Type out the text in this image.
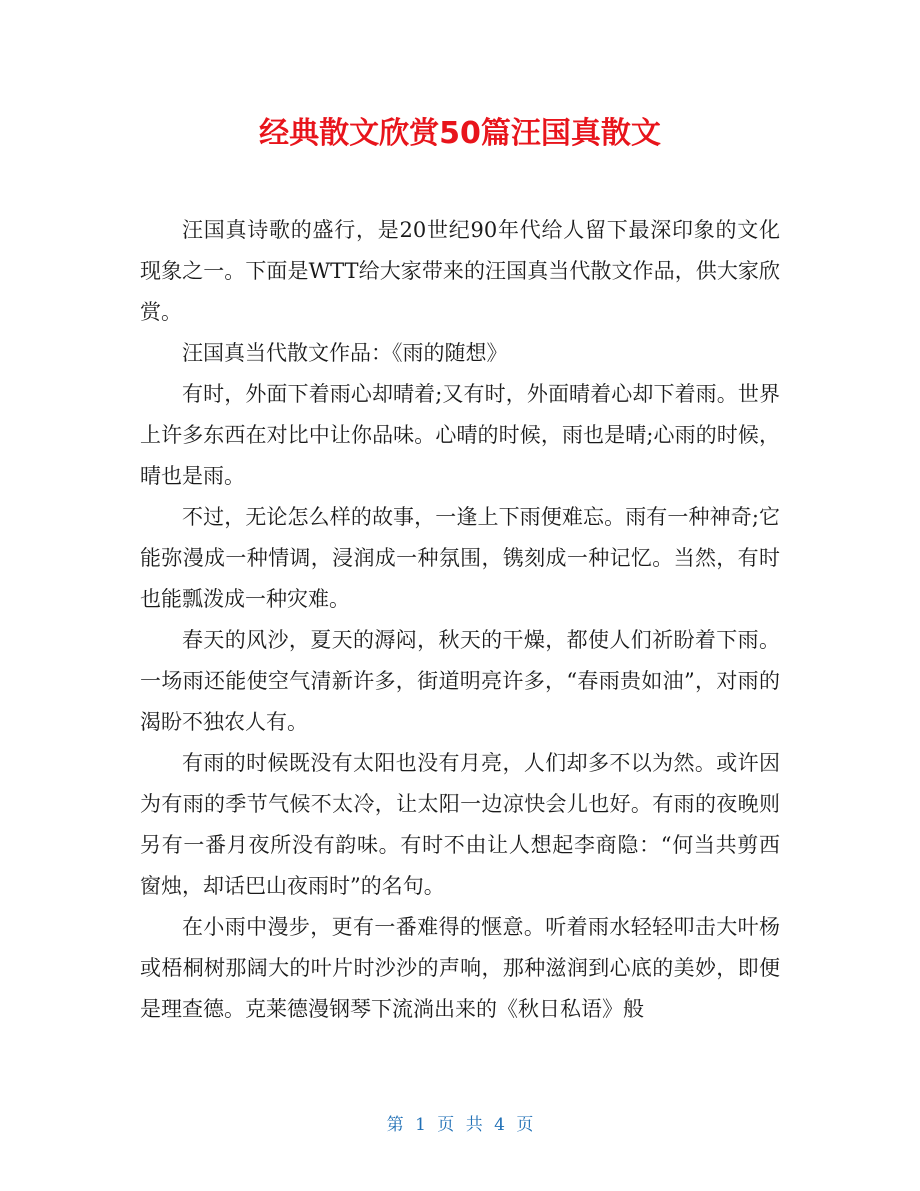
经典散文欣赏50篇汪国真散文

汪国真诗歌的盛行，是20世纪90年代给人留下最深印象的文化现象之一。下面是WTT给大家带来的汪国真当代散文作品，供大家欣赏。

汪国真当代散文作品：《雨的随想》

有时，外面下着雨心却晴着;又有时，外面晴着心却下着雨。世界上许多东西在对比中让你品味。心晴的时候，雨也是晴;心雨的时候，晴也是雨。

不过，无论怎么样的故事，一逢上下雨便难忘。雨有一种神奇;它能弥漫成一种情调，浸润成一种氛围，镌刻成一种记忆。当然，有时也能瓢泼成一种灾难。

春天的风沙，夏天的溽闷，秋天的干燥，都使人们祈盼着下雨。一场雨还能使空气清新许多，街道明亮许多，“春雨贵如油”，对雨的渴盼不独农人有。

有雨的时候既没有太阳也没有月亮，人们却多不以为然。或许因为有雨的季节气候不太冷，让太阳一边凉快会儿也好。有雨的夜晚则另有一番月夜所没有韵味。有时不由让人想起李商隐：“何当共剪西窗烛，却话巴山夜雨时”的名句。

在小雨中漫步，更有一番难得的惬意。听着雨水轻轻叩击大叶杨或梧桐树那阔大的叶片时沙沙的声响，那种滋润到心底的美妙，即便是理查德。克莱德漫钢琴下流淌出来的《秋日私语》般

第 1 页 共 4 页
